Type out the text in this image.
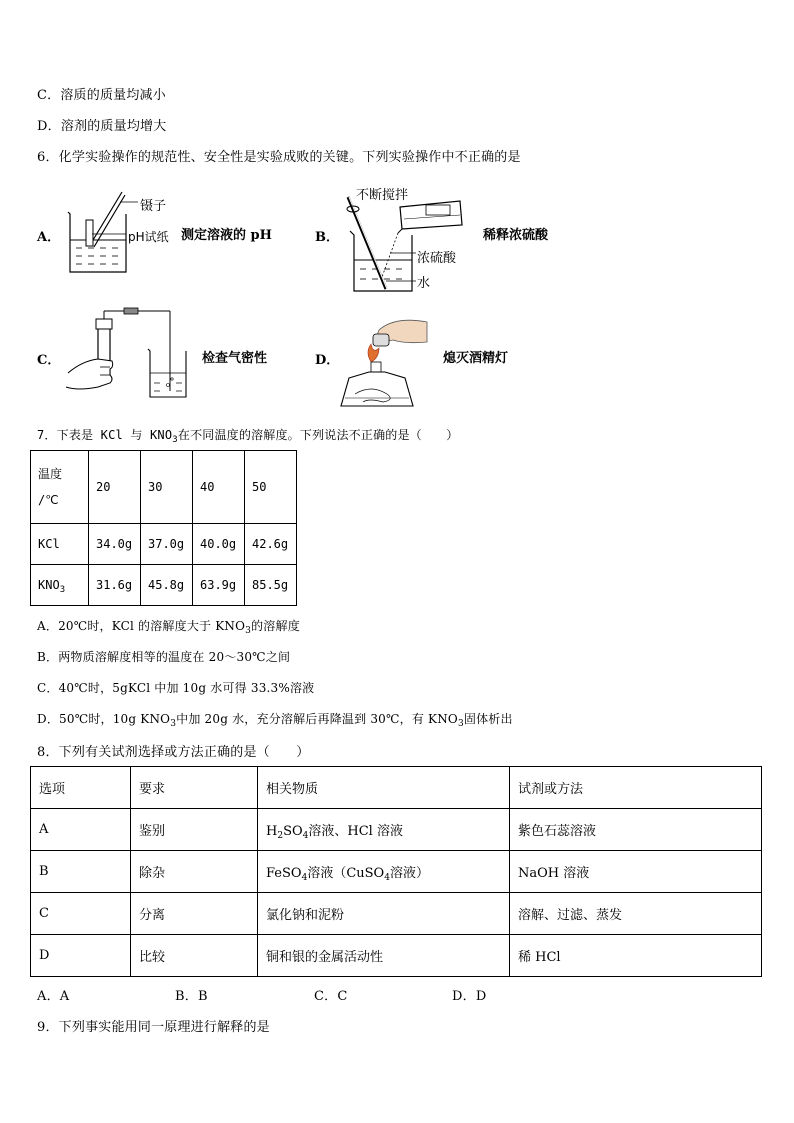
C．溶质的质量均减小
D．溶剂的质量均增大
6．化学实验操作的规范性、安全性是实验成败的关键。下列实验操作中不正确的是
A．
镊子
pH试纸 测定溶液的 pH	B．
不断搅拌
浓硫酸
水
稀释浓硫酸
C．	检查气密性	D．	熄灭酒精灯
7．下表是 KCl 与 $KNO_3$在不同温度的溶解度。下列说法不正确的是（　　）
温度
/℃	20	30	40	50
KCl	34.0g	37.0g	40.0g	42.6g
$KNO_3$	31.6g	45.8g	63.9g	85.5g
A．20℃时，KCl 的溶解度大于 $KNO_3$的溶解度
B．两物质溶解度相等的温度在 20～30℃之间
C．40℃时，5gKCl 中加 10g 水可得 33.3%溶液
D．50℃时，10g $KNO_3$中加 20g 水，充分溶解后再降温到 30℃，有 $KNO_3$固体析出
8．下列有关试剂选择或方法正确的是（　　）
选项	要求	相关物质	试剂或方法
A	鉴别	$H_2SO_4$溶液、HCl 溶液	紫色石蕊溶液
B	除杂	FeSO$_4$溶液（CuSO$_4$溶液）	NaOH 溶液
C	分离	氯化钠和泥粉	溶解、过滤、蒸发
D	比较	铜和银的金属活动性	稀 HCl
A．A	B．B	C．C	D．D
9．下列事实能用同一原理进行解释的是
